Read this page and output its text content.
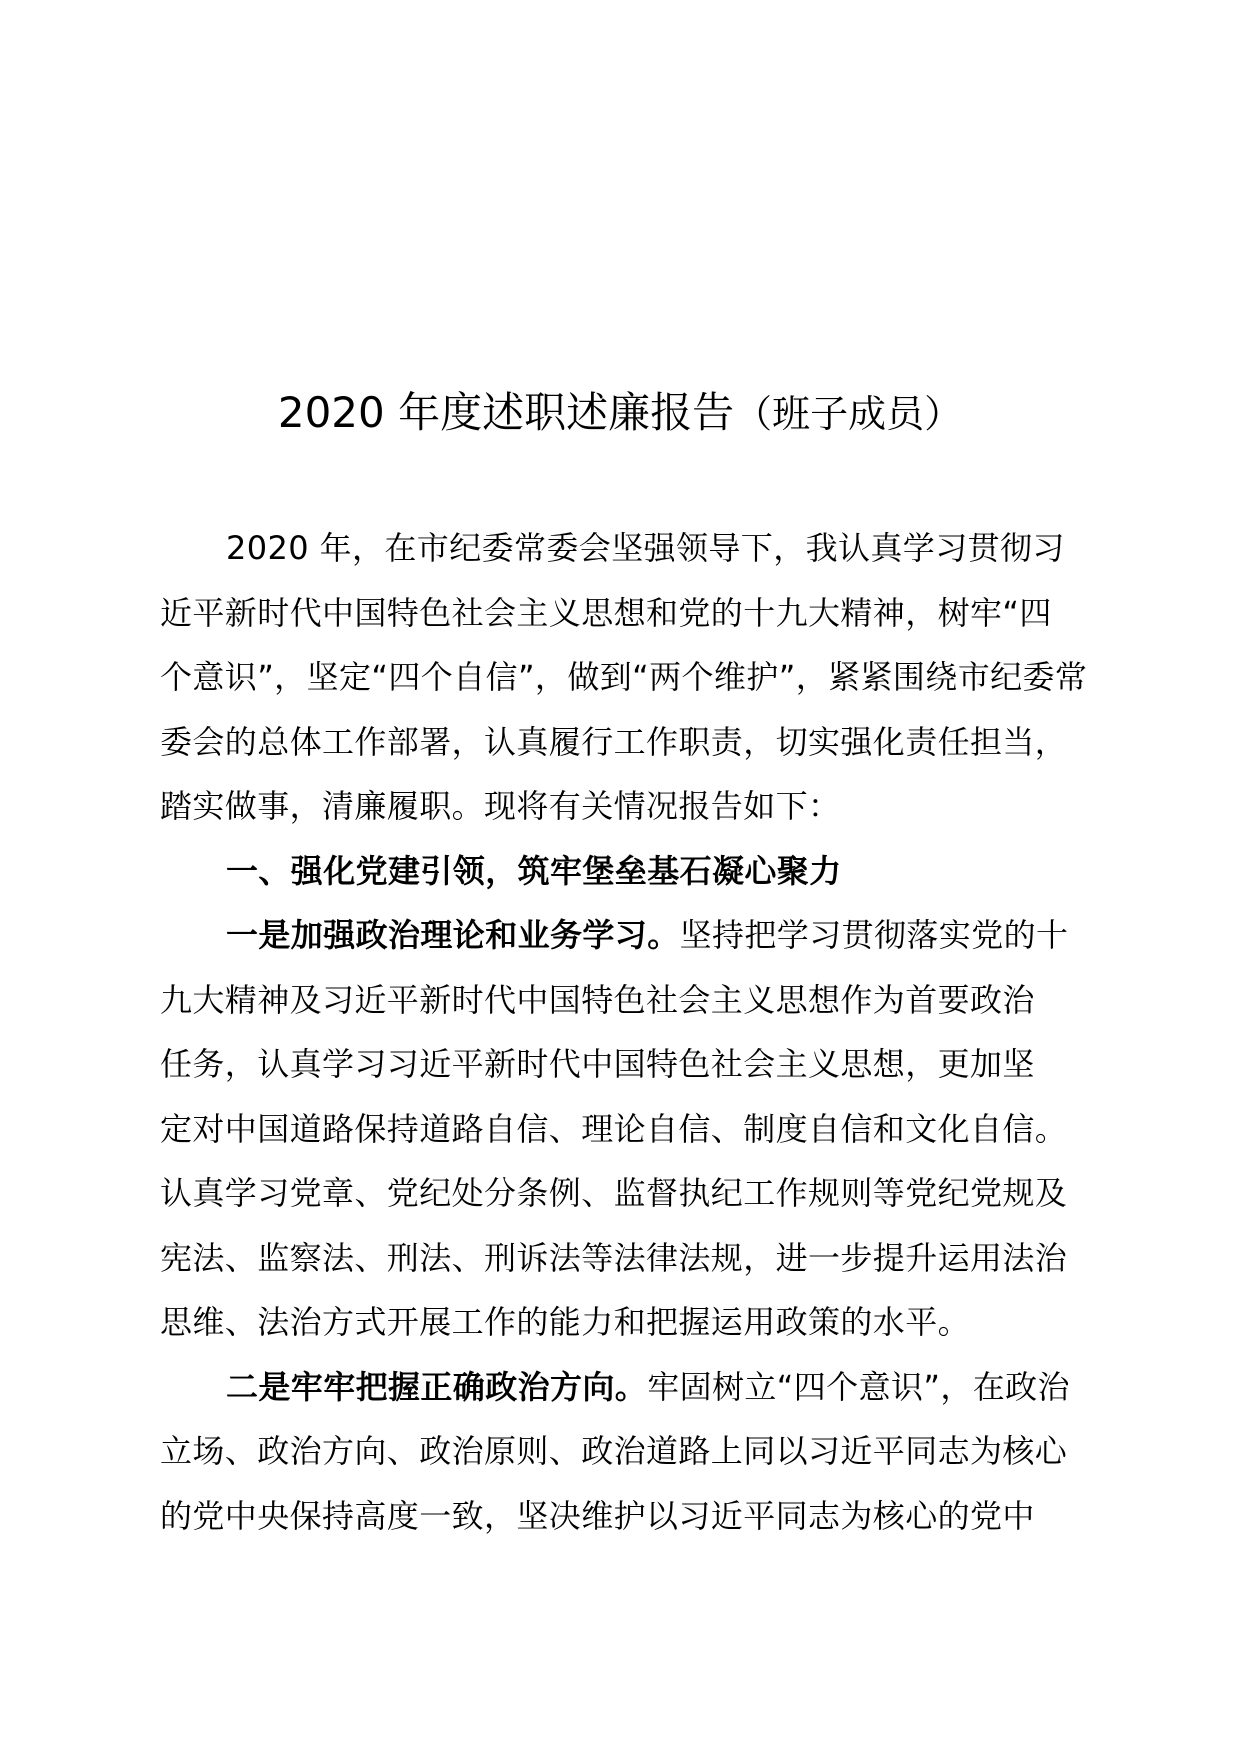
2020 年度述职述廉报告（班子成员）
2020 年，在市纪委常委会坚强领导下，我认真学习贯彻习
近平新时代中国特色社会主义思想和党的十九大精神，树牢“四
个意识”，坚定“四个自信”，做到“两个维护”，紧紧围绕市纪委常
委会的总体工作部署，认真履行工作职责，切实强化责任担当，
踏实做事，清廉履职。现将有关情况报告如下：
一、强化党建引领，筑牢堡垒基石凝心聚力
一是加强政治理论和业务学习。坚持把学习贯彻落实党的十
九大精神及习近平新时代中国特色社会主义思想作为首要政治
任务，认真学习习近平新时代中国特色社会主义思想，更加坚
定对中国道路保持道路自信、理论自信、制度自信和文化自信。
认真学习党章、党纪处分条例、监督执纪工作规则等党纪党规及
宪法、监察法、刑法、刑诉法等法律法规，进一步提升运用法治
思维、法治方式开展工作的能力和把握运用政策的水平。
二是牢牢把握正确政治方向。牢固树立“四个意识”，在政治
立场、政治方向、政治原则、政治道路上同以习近平同志为核心
的党中央保持高度一致，坚决维护以习近平同志为核心的党中
